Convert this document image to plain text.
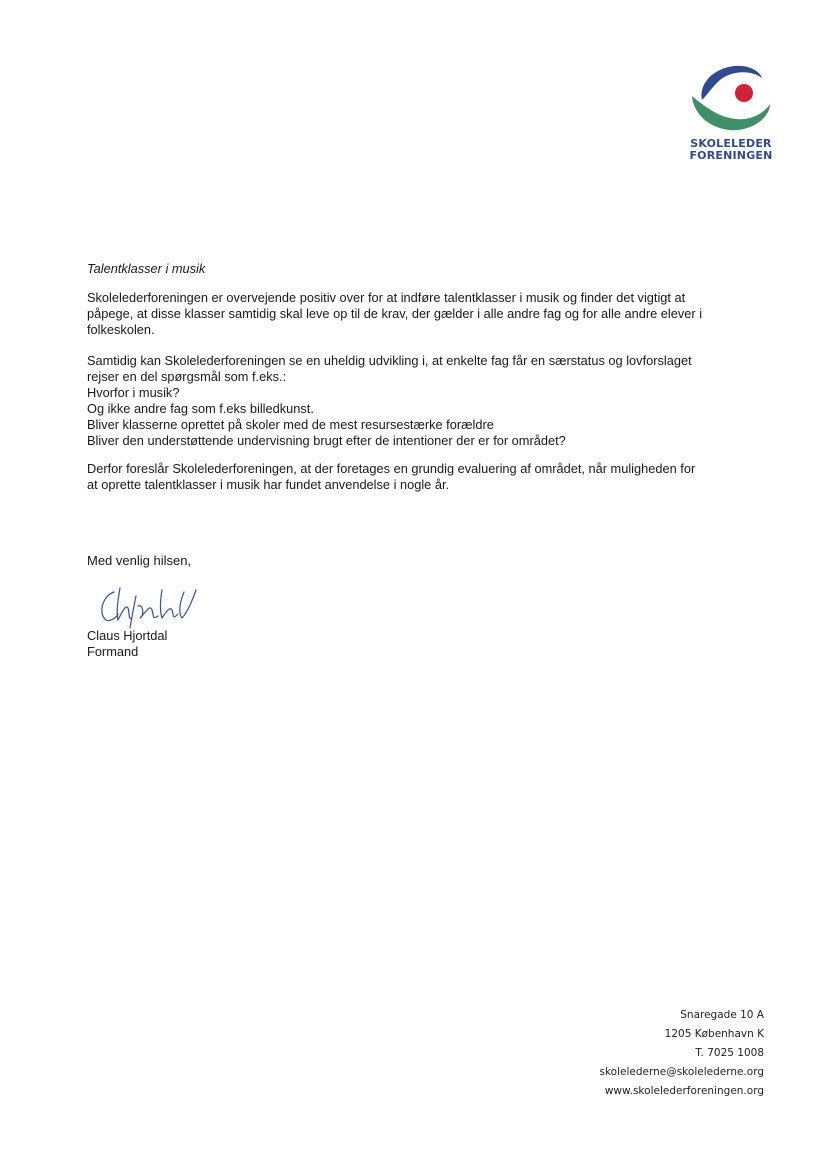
SKOLELEDER
FORENINGEN
Talentklasser i musik
Skolelederforeningen er overvejende positiv over for at indføre talentklasser i musik og finder det vigtigt at
påpege, at disse klasser samtidig skal leve op til de krav, der gælder i alle andre fag og for alle andre elever i
folkeskolen.
Samtidig kan Skolelederforeningen se en uheldig udvikling i, at enkelte fag får en særstatus og lovforslaget
rejser en del spørgsmål som f.eks.:
Hvorfor i musik?
Og ikke andre fag som f.eks billedkunst.
Bliver klasserne oprettet på skoler med de mest resursestærke forældre
Bliver den understøttende undervisning brugt efter de intentioner der er for området?
Derfor foreslår Skolelederforeningen, at der foretages en grundig evaluering af området, når muligheden for
at oprette talentklasser i musik har fundet anvendelse i nogle år.
Med venlig hilsen,
Claus Hjortdal
Formand
Snaregade 10 A
1205 København K
T. 7025 1008
skolelederne@skolelederne.org
www.skolelederforeningen.org
